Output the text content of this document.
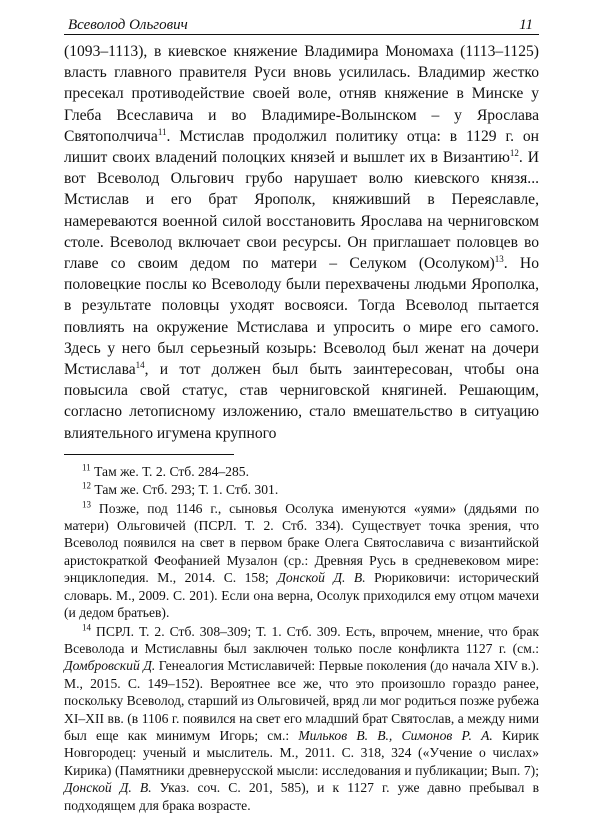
Всеволод Ольгович	11

(1093–1113), в киевское княжение Владимира Мономаха (1113–1125) власть главного правителя Руси вновь усилилась. Владимир жестко пресекал противодействие своей воле, отняв княжение в Минске у Глеба Всеславича и во Владимире-Волынском – у Ярослава Святополчича$^{11}$. Мстислав продолжил политику отца: в 1129 г. он лишит своих владений полоцких князей и вышлет их в Византию$^{12}$. И вот Всеволод Ольгович грубо нарушает волю киевского князя... Мстислав и его брат Ярополк, княживший в Переяславле, намереваются военной силой восстановить Ярослава на черниговском столе. Всеволод включает свои ресурсы. Он приглашает половцев во главе со своим дедом по матери – Селуком (Осолуком)$^{13}$. Но половецкие послы ко Всеволоду были перехвачены людьми Ярополка, в результате половцы уходят восвояси. Тогда Всеволод пытается повлиять на окружение Мстислава и упросить о мире его самого. Здесь у него был серьезный козырь: Всеволод был женат на дочери Мстислава$^{14}$, и тот должен был быть заинтересован, чтобы она повысила свой статус, став черниговской княгиней. Решающим, согласно летописному изложению, стало вмешательство в ситуацию влиятельного игумена крупного

$^{11}$ Там же. Т. 2. Стб. 284–285.

$^{12}$ Там же. Стб. 293; Т. 1. Стб. 301.

$^{13}$ Позже, под 1146 г., сыновья Осолука именуются «уями» (дядьями по матери) Ольговичей (ПСРЛ. Т. 2. Стб. 334). Существует точка зрения, что Всеволод появился на свет в первом браке Олега Святославича с византийской аристократкой Феофанией Музалон (ср.: Древняя Русь в средневековом мире: энциклопедия. М., 2014. С. 158; Донской Д. В. Рюриковичи: исторический словарь. М., 2009. С. 201). Если она верна, Осолук приходился ему отцом мачехи (и дедом братьев).

$^{14}$ ПСРЛ. Т. 2. Стб. 308–309; Т. 1. Стб. 309. Есть, впрочем, мнение, что брак Всеволода и Мстиславны был заключен только после конфликта 1127 г. (см.: Домбровский Д. Генеалогия Мстиславичей: Первые поколения (до начала XIV в.). М., 2015. С. 149–152). Вероятнее все же, что это произошло гораздо ранее, поскольку Всеволод, старший из Ольговичей, вряд ли мог родиться позже рубежа XI–XII вв. (в 1106 г. появился на свет его младший брат Святослав, а между ними был еще как минимум Игорь; см.: Мильков В. В., Симонов Р. А. Кирик Новгородец: ученый и мыслитель. М., 2011. С. 318, 324 («Учение о числах» Кирика) (Памятники древнерусской мысли: исследования и публикации; Вып. 7); Донской Д. В. Указ. соч. С. 201, 585), и к 1127 г. уже давно пребывал в подходящем для брака возрасте.
